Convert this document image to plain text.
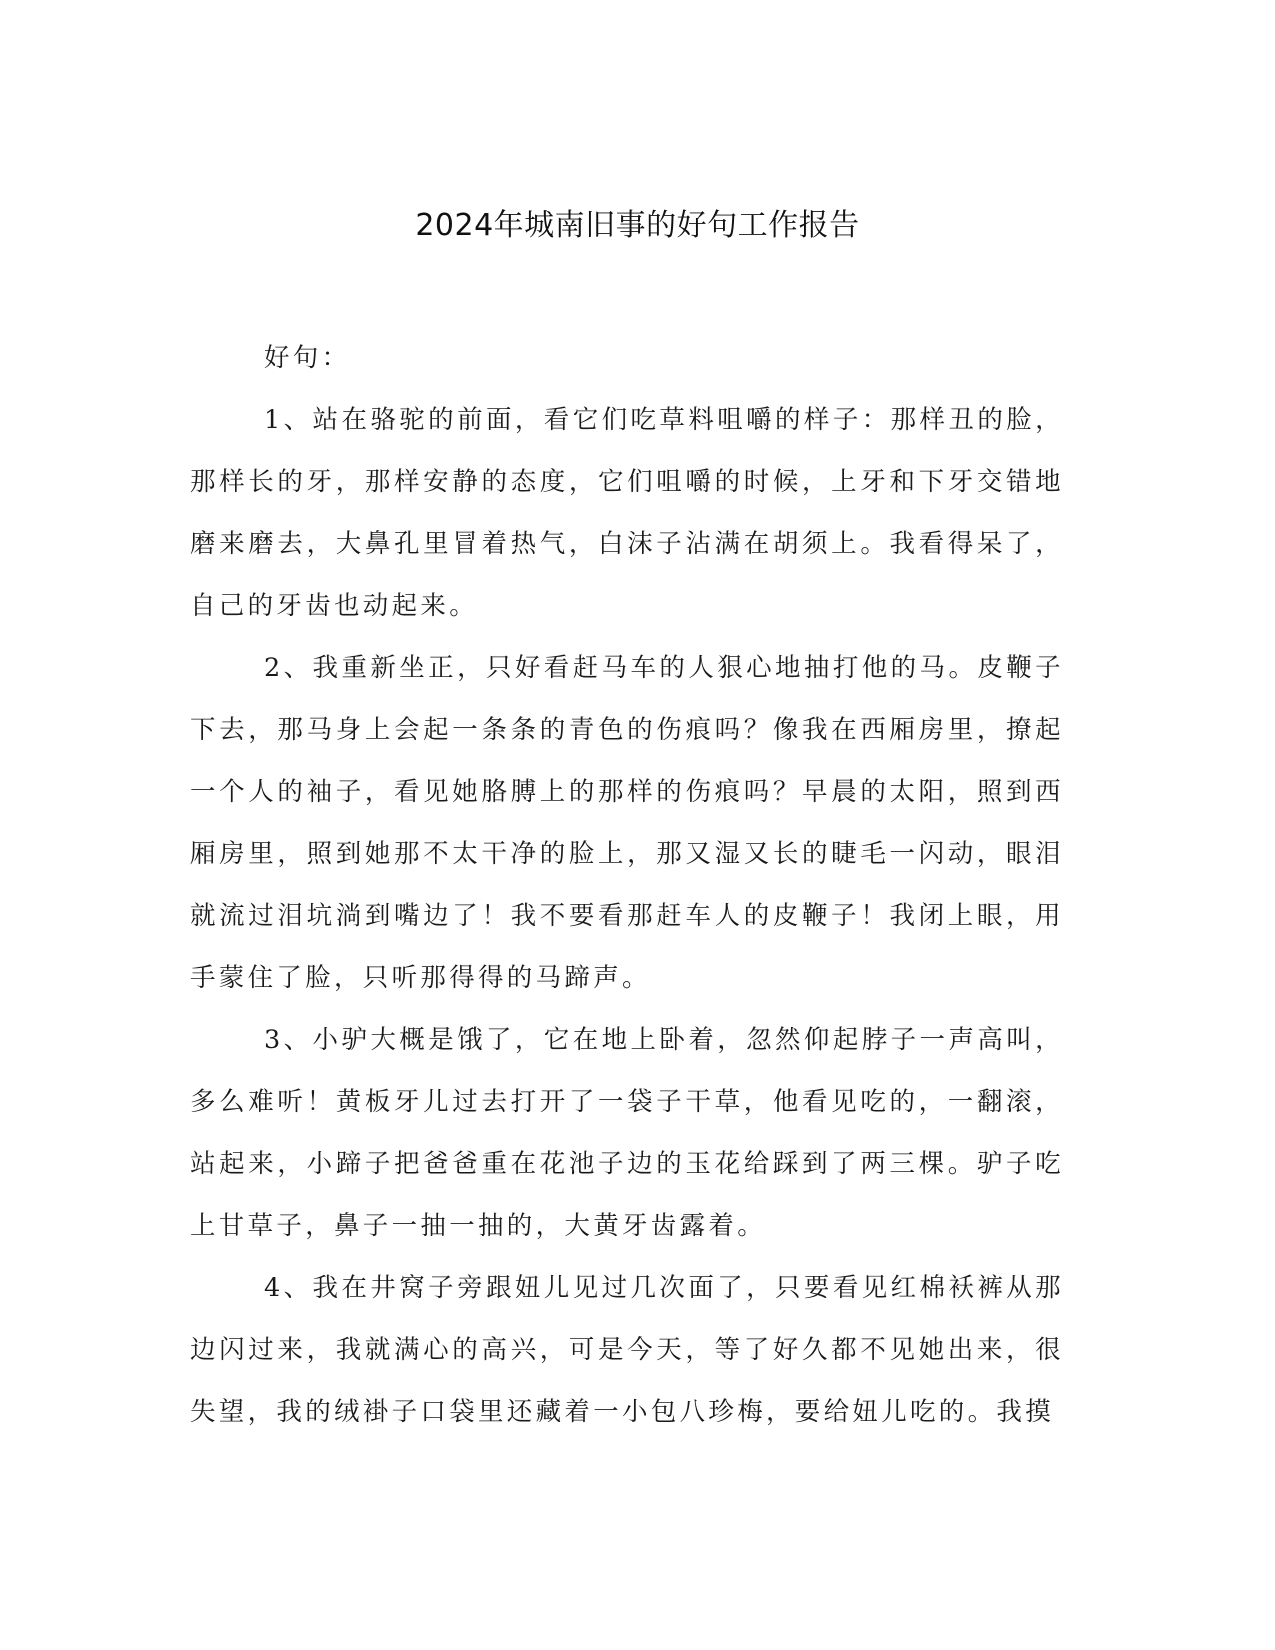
2024年城南旧事的好句工作报告

好句：

1、站在骆驼的前面，看它们吃草料咀嚼的样子：那样丑的脸，那样长的牙，那样安静的态度，它们咀嚼的时候，上牙和下牙交错地磨来磨去，大鼻孔里冒着热气，白沫子沾满在胡须上。我看得呆了，自己的牙齿也动起来。

2、我重新坐正，只好看赶马车的人狠心地抽打他的马。皮鞭子下去，那马身上会起一条条的青色的伤痕吗？像我在西厢房里，撩起一个人的袖子，看见她胳膊上的那样的伤痕吗？早晨的太阳，照到西厢房里，照到她那不太干净的脸上，那又湿又长的睫毛一闪动，眼泪就流过泪坑淌到嘴边了！我不要看那赶车人的皮鞭子！我闭上眼，用手蒙住了脸，只听那得得的马蹄声。

3、小驴大概是饿了，它在地上卧着，忽然仰起脖子一声高叫，多么难听！黄板牙儿过去打开了一袋子干草，他看见吃的，一翻滚，站起来，小蹄子把爸爸重在花池子边的玉花给踩到了两三棵。驴子吃上甘草子，鼻子一抽一抽的，大黄牙齿露着。

4、我在井窝子旁跟妞儿见过几次面了，只要看见红棉袄裤从那边闪过来，我就满心的高兴，可是今天，等了好久都不见她出来，很失望，我的绒褂子口袋里还藏着一小包八珍梅，要给妞儿吃的。我摸
